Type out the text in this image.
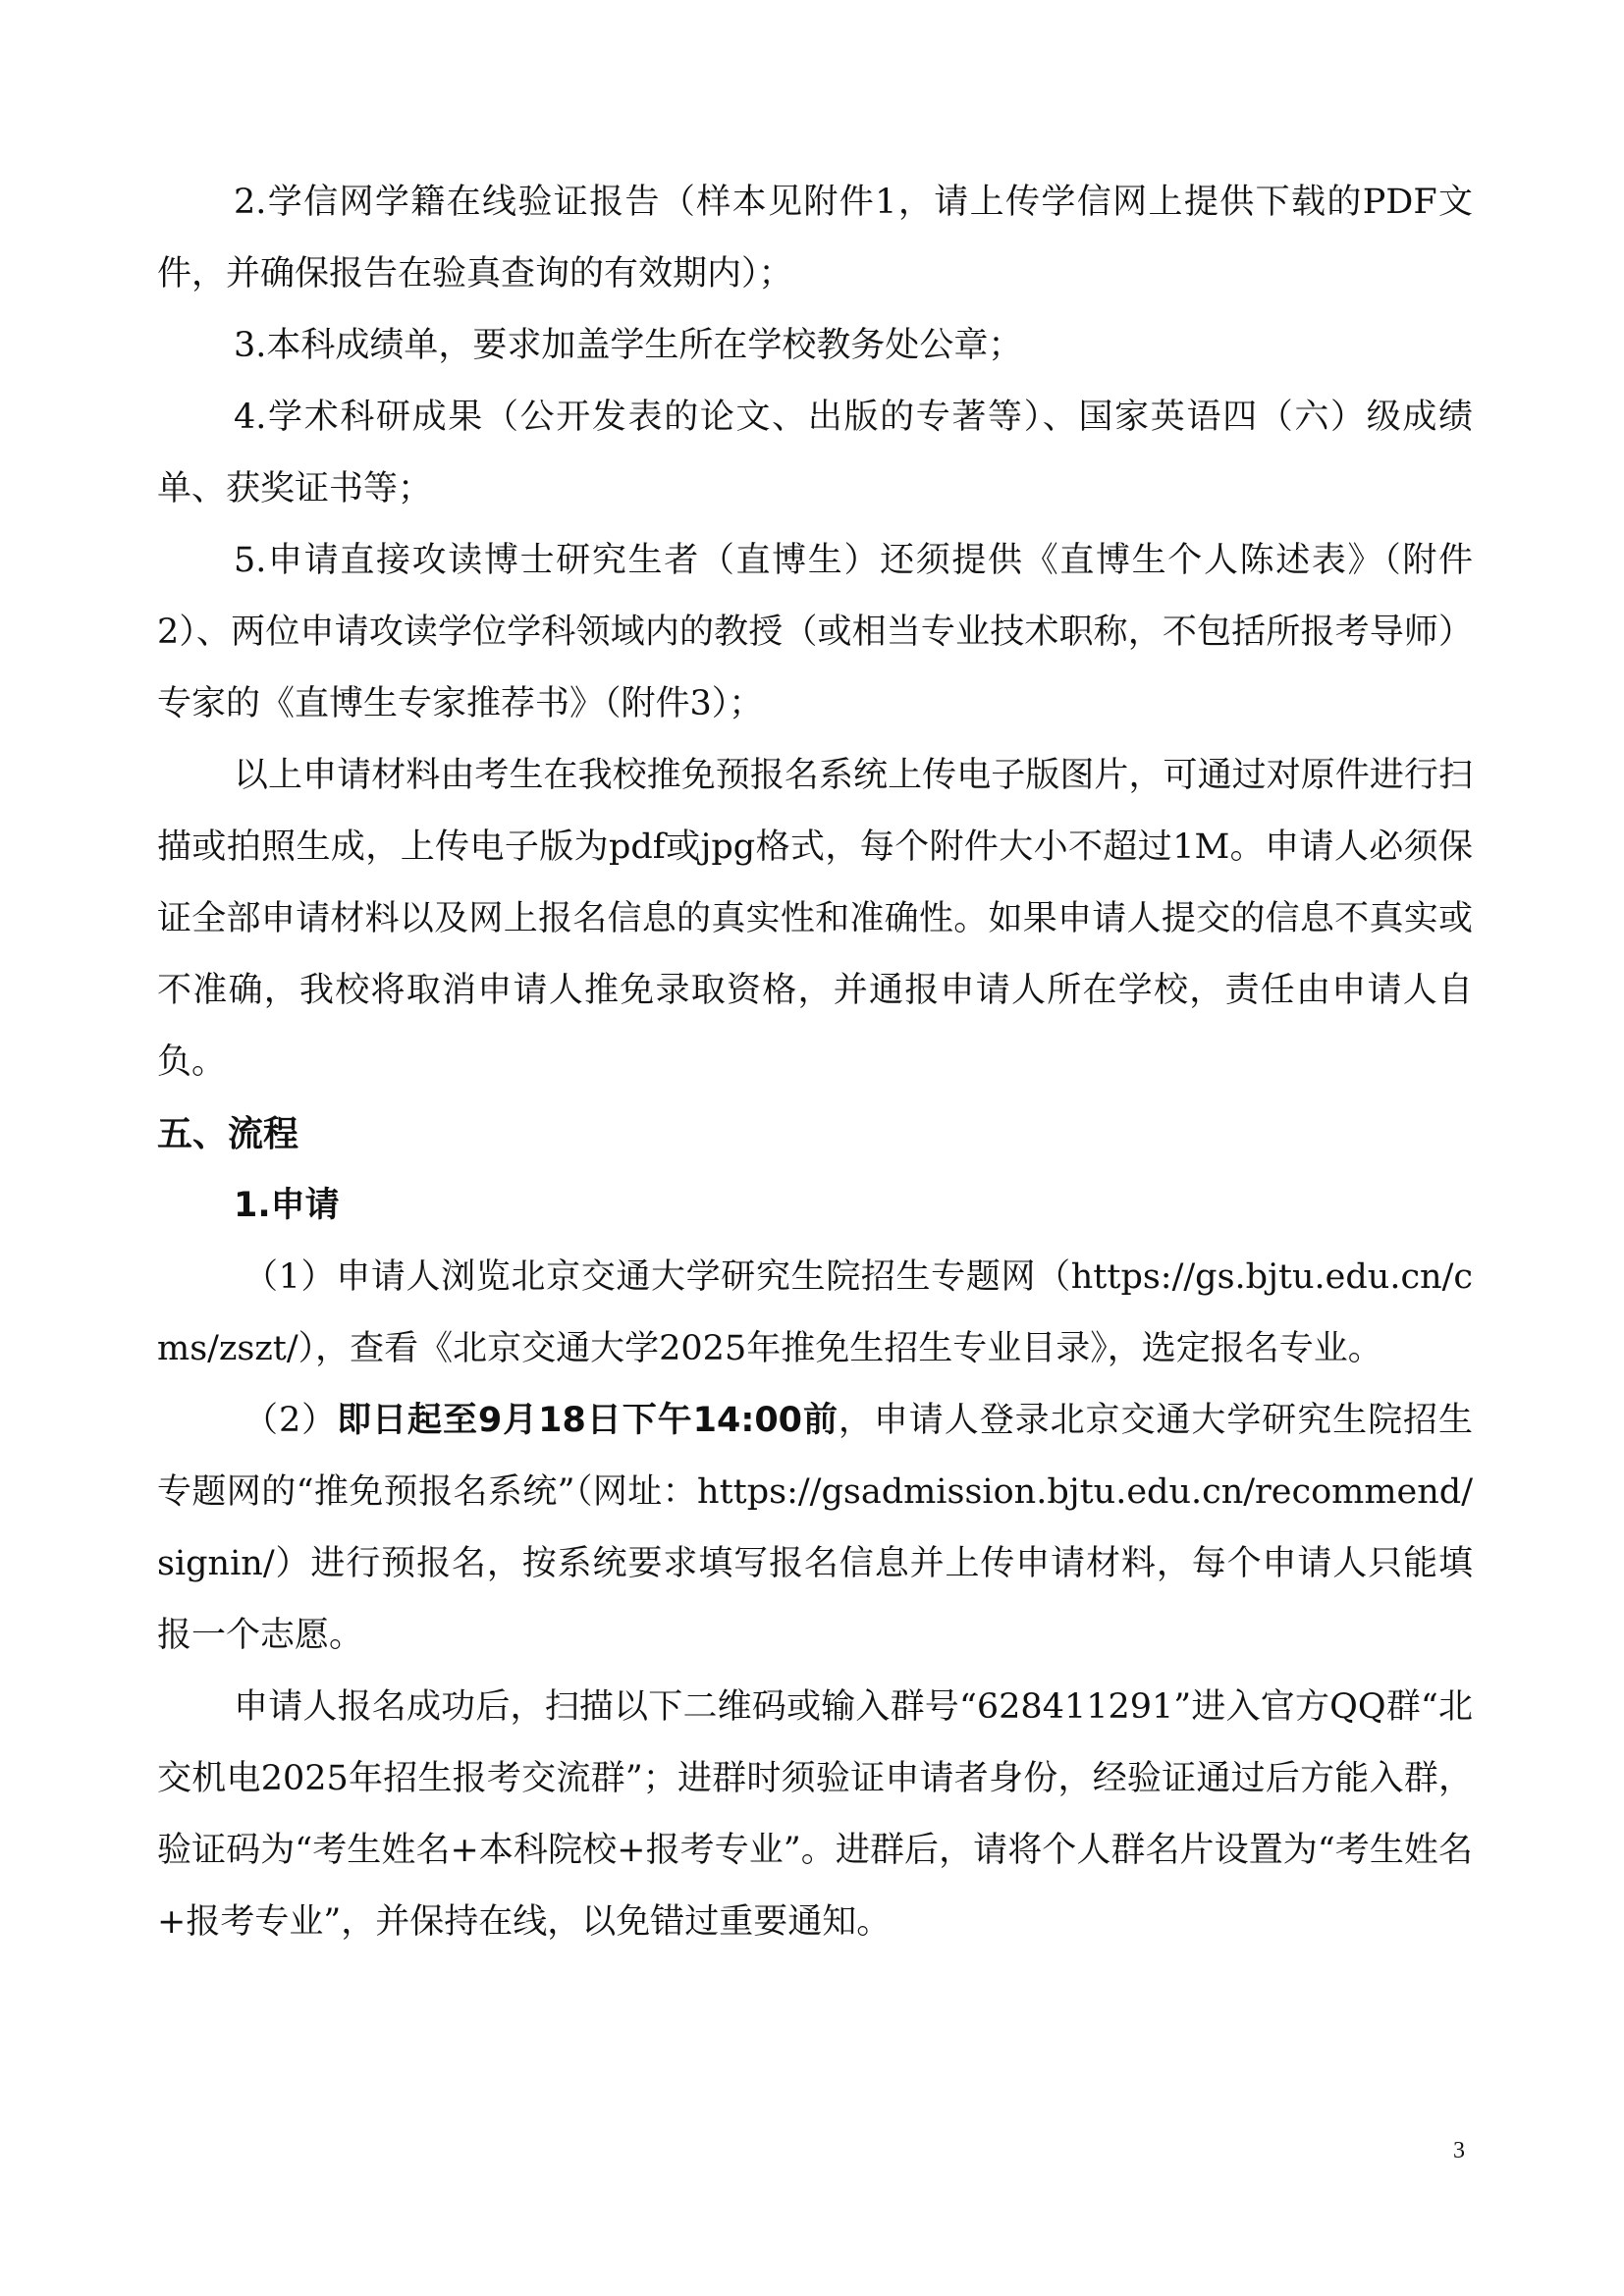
2.学信网学籍在线验证报告（样本见附件1，请上传学信网上提供下载的PDF文件，并确保报告在验真查询的有效期内）；

3.本科成绩单，要求加盖学生所在学校教务处公章；

4.学术科研成果（公开发表的论文、出版的专著等）、国家英语四（六）级成绩单、获奖证书等；

5.申请直接攻读博士研究生者（直博生）还须提供《直博生个人陈述表》（附件2）、两位申请攻读学位学科领域内的教授（或相当专业技术职称，不包括所报考导师）专家的《直博生专家推荐书》（附件3）；

以上申请材料由考生在我校推免预报名系统上传电子版图片，可通过对原件进行扫描或拍照生成，上传电子版为pdf或jpg格式，每个附件大小不超过1M。申请人必须保证全部申请材料以及网上报名信息的真实性和准确性。如果申请人提交的信息不真实或不准确，我校将取消申请人推免录取资格，并通报申请人所在学校，责任由申请人自负。

五、流程
1.申请

（1）申请人浏览北京交通大学研究生院招生专题网（https://gs.bjtu.edu.cn/cms/zszt/），查看《北京交通大学2025年推免生招生专业目录》，选定报名专业。

（2）即日起至9月18日下午14:00前，申请人登录北京交通大学研究生院招生专题网的“推免预报名系统”（网址：https://gsadmission.bjtu.edu.cn/recommend/signin/）进行预报名，按系统要求填写报名信息并上传申请材料，每个申请人只能填报一个志愿。

申请人报名成功后，扫描以下二维码或输入群号“628411291”进入官方QQ群“北交机电2025年招生报考交流群”；进群时须验证申请者身份，经验证通过后方能入群，验证码为“考生姓名+本科院校+报考专业”。进群后，请将个人群名片设置为“考生姓名+报考专业”，并保持在线，以免错过重要通知。

3
